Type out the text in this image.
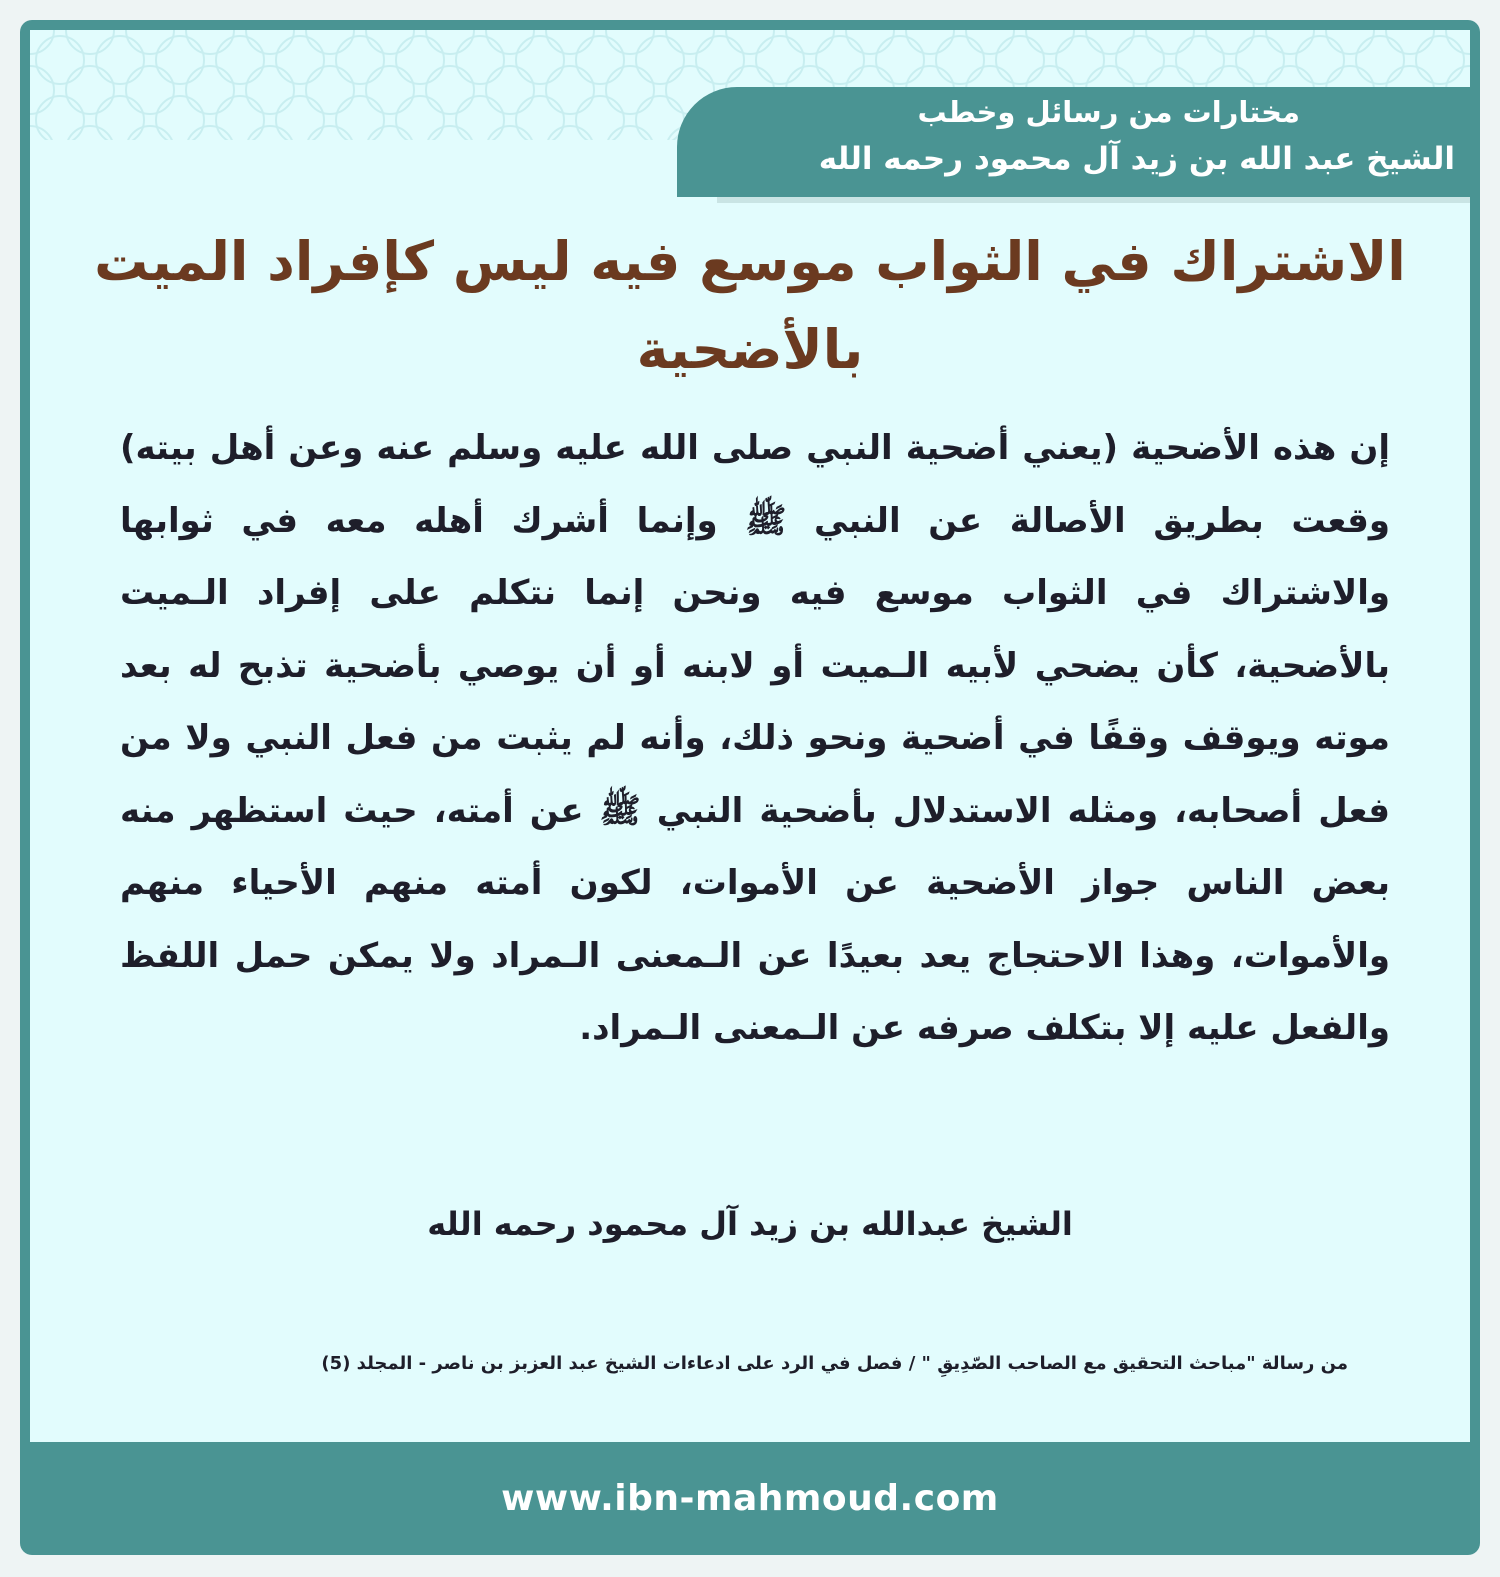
مختارات من رسائل وخطب
الشيخ عبد الله بن زيد آل محمود رحمه الله
الاشتراك في الثواب موسع فيه ليس كإفراد الميت بالأضحية

إن هذه الأضحية (يعني أضحية النبي صلى الله عليه وسلم عنه وعن أهل بيته) وقعت بطريق الأصالة عن النبي ﷺ وإنما أشرك أهله معه في ثوابها والاشتراك في الثواب موسع فيه ونحن إنما نتكلم على إفراد الـميت بالأضحية، كأن يضحي لأبيه الـميت أو لابنه أو أن يوصي بأضحية تذبح له بعد موته ويوقف وقفًا في أضحية ونحو ذلك، وأنه لم يثبت من فعل النبي ولا من فعل أصحابه، ومثله الاستدلال بأضحية النبي ﷺ عن أمته، حيث استظهر منه بعض الناس جواز الأضحية عن الأموات، لكون أمته منهم الأحياء منهم والأموات، وهذا الاحتجاج يعد بعيدًا عن الـمعنى الـمراد ولا يمكن حمل اللفظ والفعل عليه إلا بتكلف صرفه عن الـمعنى الـمراد.

الشيخ عبدالله بن زيد آل محمود رحمه الله
من رسالة "مباحث التحقيق مع الصاحب الصّدِيقِ " / فصل في الرد على ادعاءات الشيخ عبد العزبز بن ناصر - المجلد (5)
www.ibn-mahmoud.com
